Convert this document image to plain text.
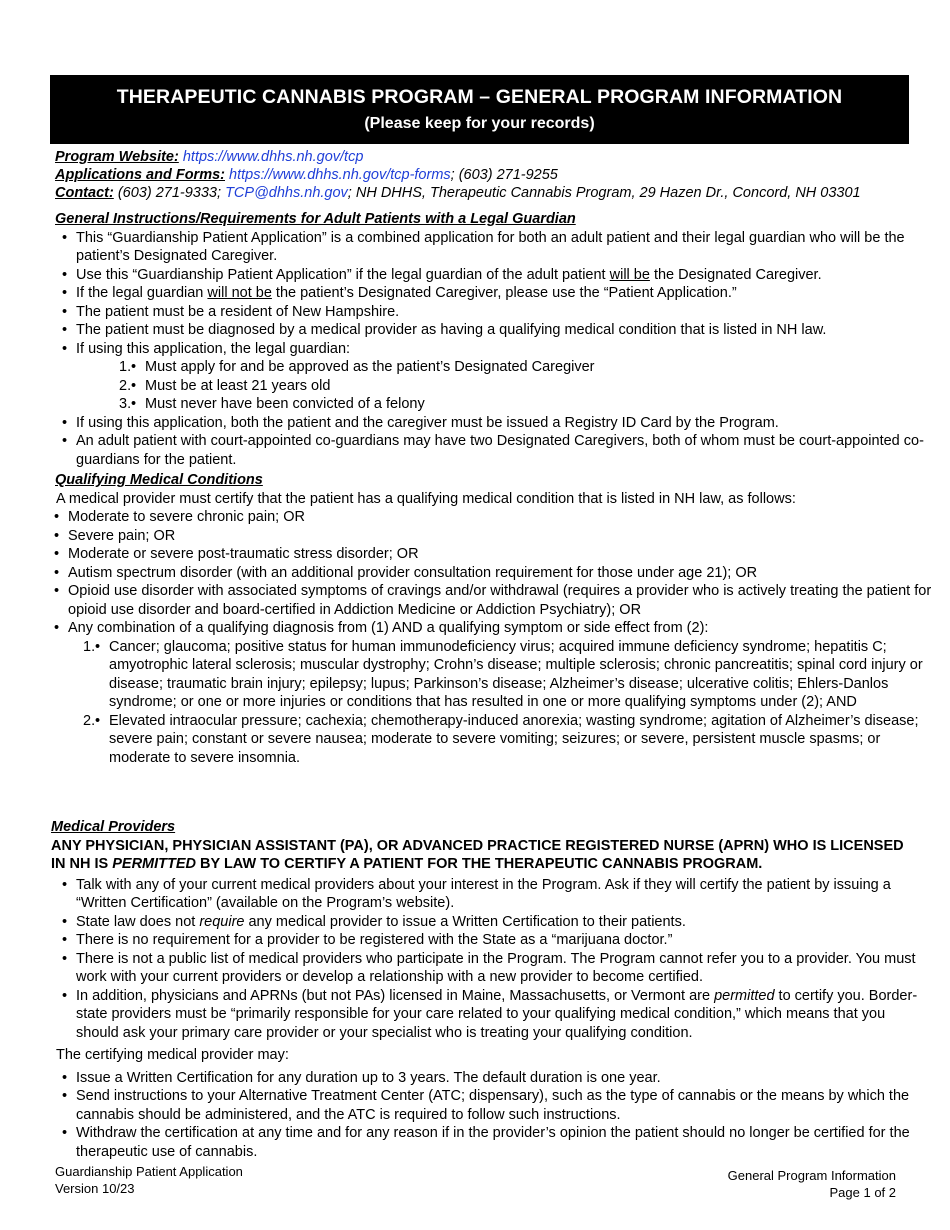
THERAPEUTIC CANNABIS PROGRAM – GENERAL PROGRAM INFORMATION
(Please keep for your records)
Program Website: https://www.dhhs.nh.gov/tcp
Applications and Forms: https://www.dhhs.nh.gov/tcp-forms; (603) 271-9255
Contact: (603) 271-9333; TCP@dhhs.nh.gov; NH DHHS, Therapeutic Cannabis Program, 29 Hazen Dr., Concord, NH 03301
General Instructions/Requirements for Adult Patients with a Legal Guardian
• This “Guardianship Patient Application” is a combined application for both an adult patient and their legal guardian who will be the patient’s Designated Caregiver.
• Use this “Guardianship Patient Application” if the legal guardian of the adult patient will be the Designated Caregiver.
• If the legal guardian will not be the patient’s Designated Caregiver, please use the “Patient Application.”
• The patient must be a resident of New Hampshire.
• The patient must be diagnosed by a medical provider as having a qualifying medical condition that is listed in NH law.
• If using this application, the legal guardian:
• 1. Must apply for and be approved as the patient’s Designated Caregiver
• 2. Must be at least 21 years old
• 3. Must never have been convicted of a felony
• If using this application, both the patient and the caregiver must be issued a Registry ID Card by the Program.
• An adult patient with court-appointed co-guardians may have two Designated Caregivers, both of whom must be court-appointed co-guardians for the patient.
Qualifying Medical Conditions
A medical provider must certify that the patient has a qualifying medical condition that is listed in NH law, as follows:
• Moderate to severe chronic pain; OR
• Severe pain; OR
• Moderate or severe post-traumatic stress disorder; OR
• Autism spectrum disorder (with an additional provider consultation requirement for those under age 21); OR
• Opioid use disorder with associated symptoms of cravings and/or withdrawal (requires a provider who is actively treating the patient for opioid use disorder and board-certified in Addiction Medicine or Addiction Psychiatry); OR
• Any combination of a qualifying diagnosis from (1) AND a qualifying symptom or side effect from (2):
• 1. Cancer; glaucoma; positive status for human immunodeficiency virus; acquired immune deficiency syndrome; hepatitis C; amyotrophic lateral sclerosis; muscular dystrophy; Crohn’s disease; multiple sclerosis; chronic pancreatitis; spinal cord injury or disease; traumatic brain injury; epilepsy; lupus; Parkinson’s disease; Alzheimer’s disease; ulcerative colitis; Ehlers-Danlos syndrome; or one or more injuries or conditions that has resulted in one or more qualifying symptoms under (2); AND
• 2. Elevated intraocular pressure; cachexia; chemotherapy-induced anorexia; wasting syndrome; agitation of Alzheimer’s disease; severe pain; constant or severe nausea; moderate to severe vomiting; seizures; or severe, persistent muscle spasms; or moderate to severe insomnia.
Medical Providers
ANY PHYSICIAN, PHYSICIAN ASSISTANT (PA), OR ADVANCED PRACTICE REGISTERED NURSE (APRN) WHO IS LICENSED IN NH IS PERMITTED BY LAW TO CERTIFY A PATIENT FOR THE THERAPEUTIC CANNABIS PROGRAM.
• Talk with any of your current medical providers about your interest in the Program. Ask if they will certify the patient by issuing a “Written Certification” (available on the Program’s website).
• State law does not require any medical provider to issue a Written Certification to their patients.
• There is no requirement for a provider to be registered with the State as a “marijuana doctor.”
• There is not a public list of medical providers who participate in the Program. The Program cannot refer you to a provider. You must work with your current providers or develop a relationship with a new provider to become certified.
• In addition, physicians and APRNs (but not PAs) licensed in Maine, Massachusetts, or Vermont are permitted to certify you. Border-state providers must be “primarily responsible for your care related to your qualifying medical condition,” which means that you should ask your primary care provider or your specialist who is treating your qualifying condition.
The certifying medical provider may:
• Issue a Written Certification for any duration up to 3 years. The default duration is one year.
• Send instructions to your Alternative Treatment Center (ATC; dispensary), such as the type of cannabis or the means by which the cannabis should be administered, and the ATC is required to follow such instructions.
• Withdraw the certification at any time and for any reason if in the provider’s opinion the patient should no longer be certified for the therapeutic use of cannabis.
Guardianship Patient Application
Version 10/23
General Program Information
Page 1 of 2
